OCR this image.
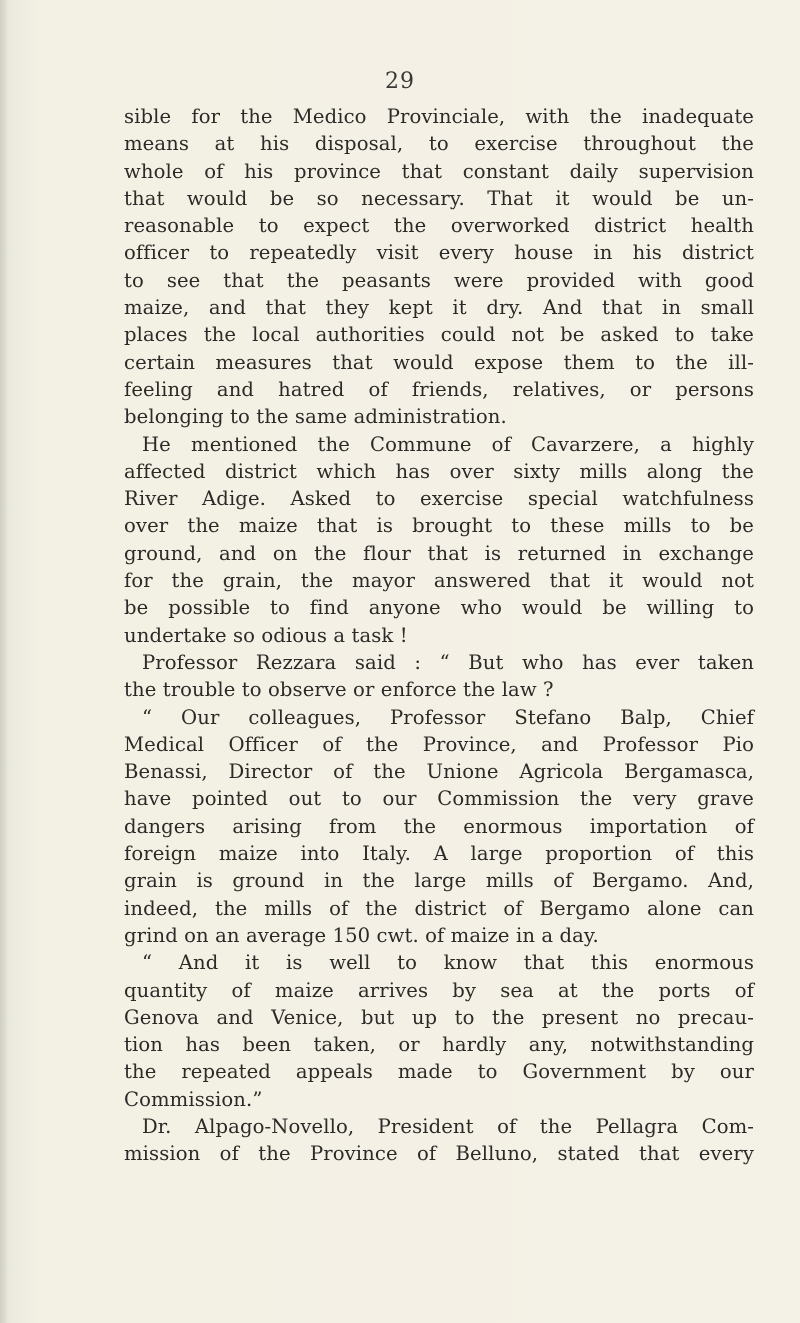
29
sible for the Medico Provinciale, with the inadequate
means at his disposal, to exercise throughout the
whole of his province that constant daily supervision
that would be so necessary. That it would be un-
reasonable to expect the overworked district health
officer to repeatedly visit every house in his district
to see that the peasants were provided with good
maize, and that they kept it dry. And that in small
places the local authorities could not be asked to take
certain measures that would expose them to the ill-
feeling and hatred of friends, relatives, or persons
belonging to the same administration.
He mentioned the Commune of Cavarzere, a highly
affected district which has over sixty mills along the
River Adige. Asked to exercise special watchfulness
over the maize that is brought to these mills to be
ground, and on the flour that is returned in exchange
for the grain, the mayor answered that it would not
be possible to find anyone who would be willing to
undertake so odious a task !
Professor Rezzara said : “ But who has ever taken
the trouble to observe or enforce the law ?
“ Our colleagues, Professor Stefano Balp, Chief
Medical Officer of the Province, and Professor Pio
Benassi, Director of the Unione Agricola Bergamasca,
have pointed out to our Commission the very grave
dangers arising from the enormous importation of
foreign maize into Italy. A large proportion of this
grain is ground in the large mills of Bergamo. And,
indeed, the mills of the district of Bergamo alone can
grind on an average 150 cwt. of maize in a day.
“ And it is well to know that this enormous
quantity of maize arrives by sea at the ports of
Genova and Venice, but up to the present no precau-
tion has been taken, or hardly any, notwithstanding
the repeated appeals made to Government by our
Commission.”
Dr. Alpago-Novello, President of the Pellagra Com-
mission of the Province of Belluno, stated that every
